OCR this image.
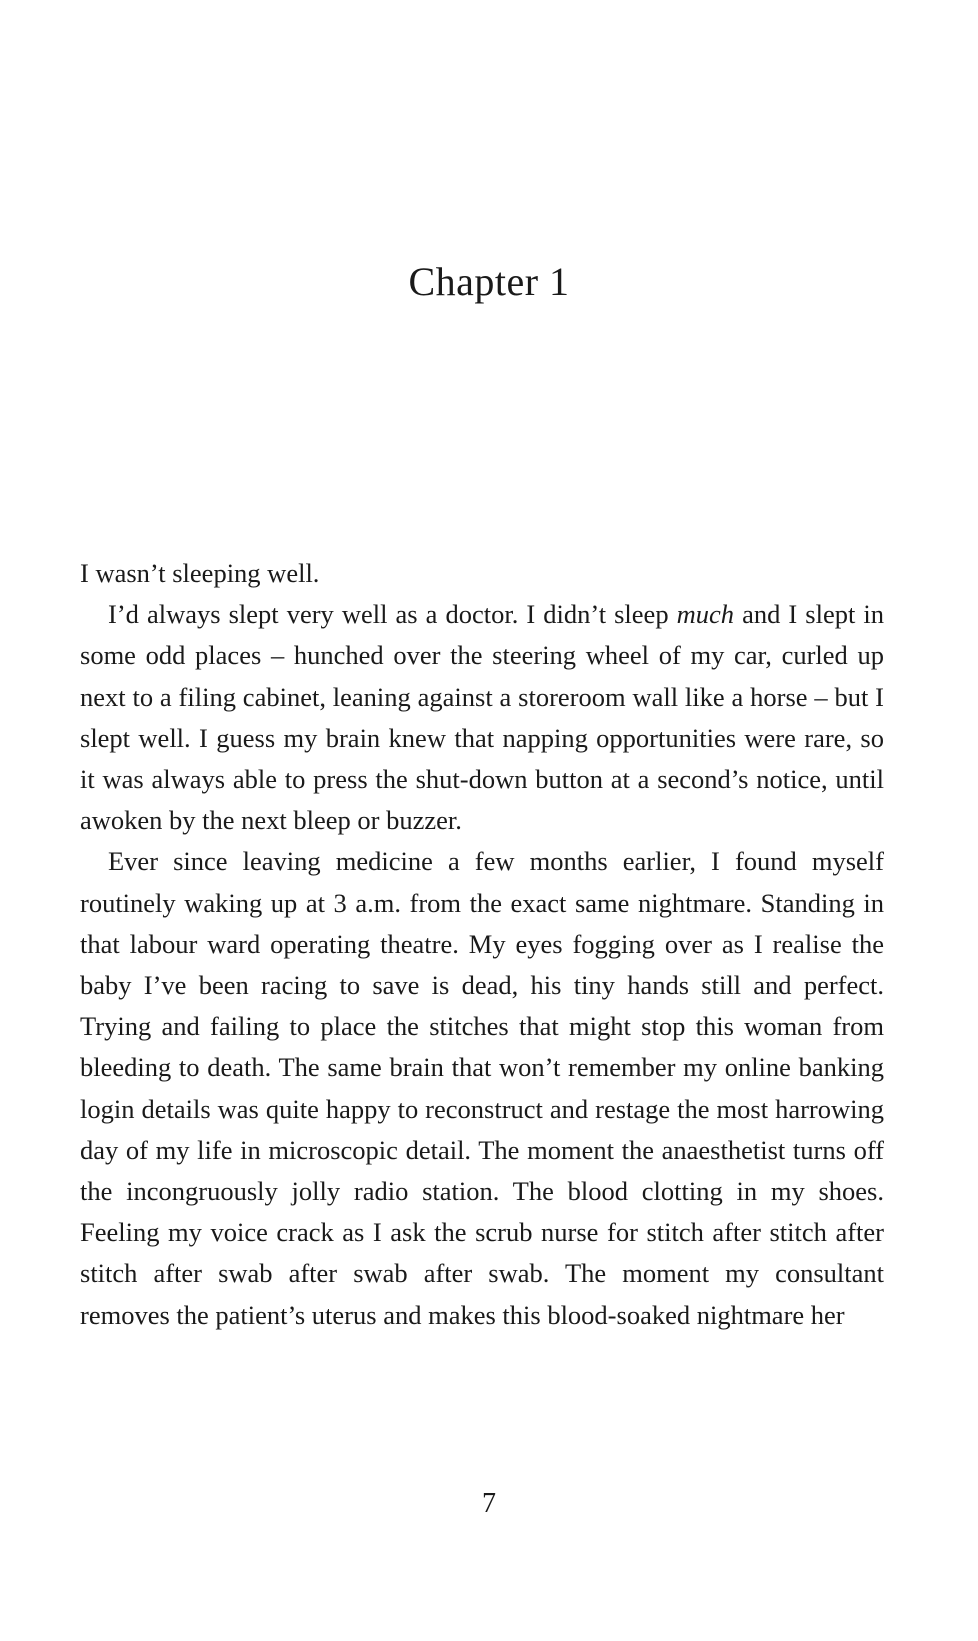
Chapter 1

I wasn’t sleeping well.

I’d always slept very well as a doctor. I didn’t sleep much and I slept in some odd places – hunched over the steering wheel of my car, curled up next to a filing cabinet, leaning against a storeroom wall like a horse – but I slept well. I guess my brain knew that napping opportunities were rare, so it was always able to press the shut-down button at a second’s notice, until awoken by the next bleep or buzzer.

Ever since leaving medicine a few months earlier, I found myself routinely waking up at 3 a.m. from the exact same nightmare. Standing in that labour ward operating theatre. My eyes fogging over as I realise the baby I’ve been racing to save is dead, his tiny hands still and perfect. Trying and failing to place the stitches that might stop this woman from bleeding to death. The same brain that won’t remember my online banking login details was quite happy to reconstruct and restage the most harrowing day of my life in microscopic detail. The moment the anaesthetist turns off the incongruously jolly radio station. The blood clotting in my shoes. Feeling my voice crack as I ask the scrub nurse for stitch after stitch after stitch after swab after swab after swab. The moment my consultant removes the patient’s uterus and makes this blood-soaked nightmare her

7
